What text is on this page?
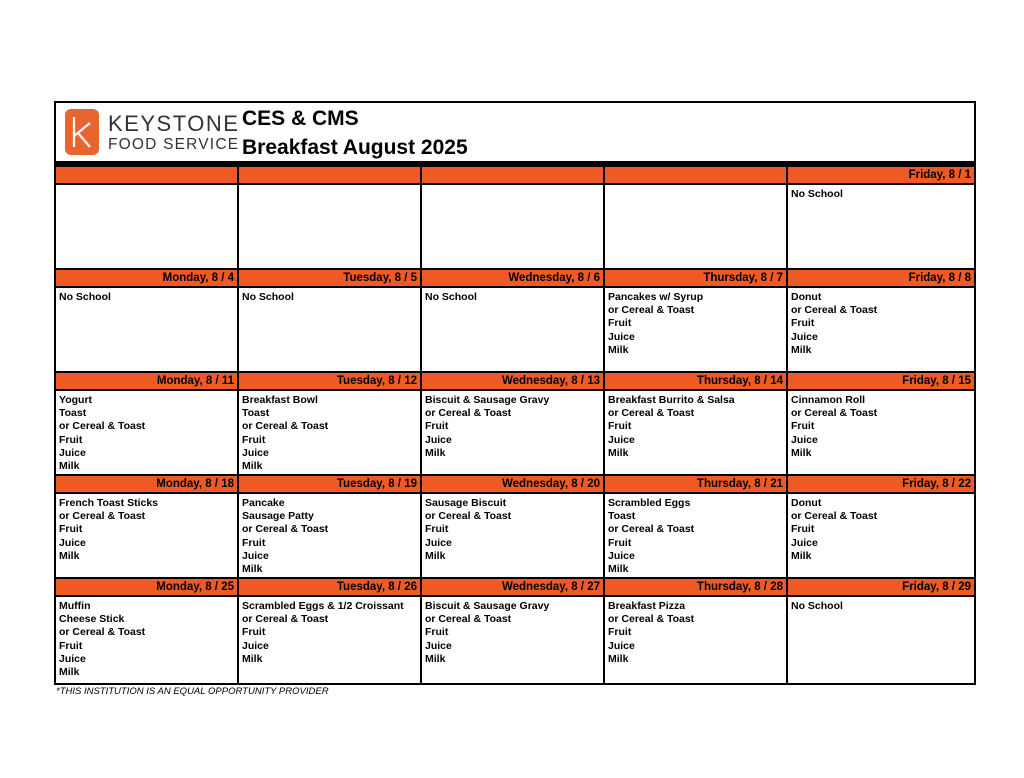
KEYSTONE
FOOD SERVICE
CES & CMS
Breakfast August 2025
Friday, 8 / 1
No School
Monday, 8 / 4
No School
Tuesday, 8 / 5
No School
Wednesday, 8 / 6
No School
Thursday, 8 / 7
Pancakes w/ Syrup
or Cereal & Toast
Fruit
Juice
Milk
Friday, 8 / 8
Donut
or Cereal & Toast
Fruit
Juice
Milk
Monday, 8 / 11
Yogurt
Toast
or Cereal & Toast
Fruit
Juice
Milk
Tuesday, 8 / 12
Breakfast Bowl
Toast
or Cereal & Toast
Fruit
Juice
Milk
Wednesday, 8 / 13
Biscuit & Sausage Gravy
or Cereal & Toast
Fruit
Juice
Milk
Thursday, 8 / 14
Breakfast Burrito & Salsa
or Cereal & Toast
Fruit
Juice
Milk
Friday, 8 / 15
Cinnamon Roll
or Cereal & Toast
Fruit
Juice
Milk
Monday, 8 / 18
French Toast Sticks
or Cereal & Toast
Fruit
Juice
Milk
Tuesday, 8 / 19
Pancake
Sausage Patty
or Cereal & Toast
Fruit
Juice
Milk
Wednesday, 8 / 20
Sausage Biscuit
or Cereal & Toast
Fruit
Juice
Milk
Thursday, 8 / 21
Scrambled Eggs
Toast
or Cereal & Toast
Fruit
Juice
Milk
Friday, 8 / 22
Donut
or Cereal & Toast
Fruit
Juice
Milk
Monday, 8 / 25
Muffin
Cheese Stick
or Cereal & Toast
Fruit
Juice
Milk
Tuesday, 8 / 26
Scrambled Eggs & 1/2 Croissant
or Cereal & Toast
Fruit
Juice
Milk
Wednesday, 8 / 27
Biscuit & Sausage Gravy
or Cereal & Toast
Fruit
Juice
Milk
Thursday, 8 / 28
Breakfast Pizza
or Cereal & Toast
Fruit
Juice
Milk
Friday, 8 / 29
No School
*THIS INSTITUTION IS AN EQUAL OPPORTUNITY PROVIDER
